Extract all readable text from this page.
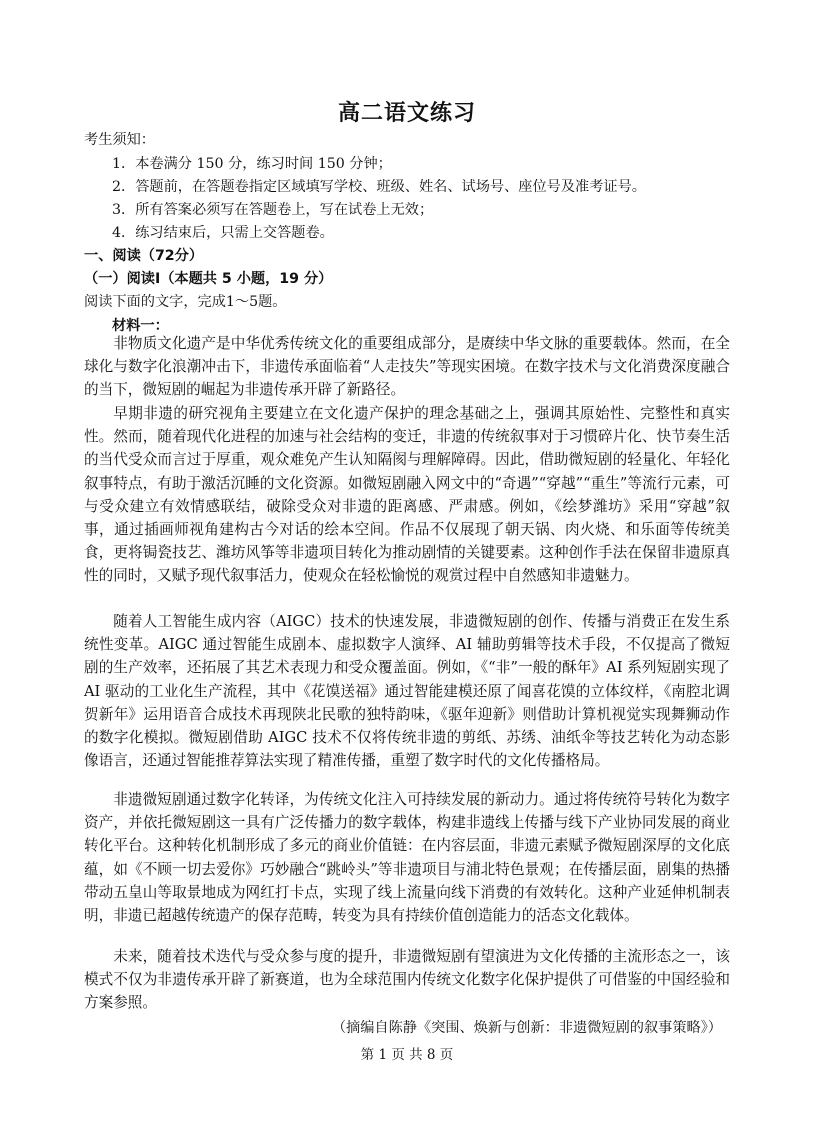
高二语文练习
考生须知：
1．本卷满分 150 分，练习时间 150 分钟；
2．答题前，在答题卷指定区域填写学校、班级、姓名、试场号、座位号及准考证号。
3．所有答案必须写在答题卷上，写在试卷上无效；
4．练习结束后，只需上交答题卷。
一、阅读（72分）
（一）阅读I（本题共 5 小题，19 分）
阅读下面的文字，完成1～5题。
材料一：
非物质文化遗产是中华优秀传统文化的重要组成部分，是赓续中华文脉的重要载体。然而，在全球化与数字化浪潮冲击下，非遗传承面临着“人走技失”等现实困境。在数字技术与文化消费深度融合的当下，微短剧的崛起为非遗传承开辟了新路径。
早期非遗的研究视角主要建立在文化遗产保护的理念基础之上，强调其原始性、完整性和真实性。然而，随着现代化进程的加速与社会结构的变迁，非遗的传统叙事对于习惯碎片化、快节奏生活的当代受众而言过于厚重，观众难免产生认知隔阂与理解障碍。因此，借助微短剧的轻量化、年轻化叙事特点，有助于激活沉睡的文化资源。如微短剧融入网文中的“奇遇”“穿越”“重生”等流行元素，可与受众建立有效情感联结，破除受众对非遗的距离感、严肃感。例如，《绘梦潍坊》采用“穿越”叙事，通过插画师视角建构古今对话的绘本空间。作品不仅展现了朝天锅、肉火烧、和乐面等传统美食，更将锔瓷技艺、潍坊风筝等非遗项目转化为推动剧情的关键要素。这种创作手法在保留非遗原真性的同时，又赋予现代叙事活力，使观众在轻松愉悦的观赏过程中自然感知非遗魅力。
随着人工智能生成内容（AIGC）技术的快速发展，非遗微短剧的创作、传播与消费正在发生系统性变革。AIGC 通过智能生成剧本、虚拟数字人演绎、AI 辅助剪辑等技术手段，不仅提高了微短剧的生产效率，还拓展了其艺术表现力和受众覆盖面。例如，《“非”一般的酥年》AI 系列短剧实现了 AI 驱动的工业化生产流程，其中《花馍送福》通过智能建模还原了闻喜花馍的立体纹样，《南腔北调贺新年》运用语音合成技术再现陕北民歌的独特韵味，《驱年迎新》则借助计算机视觉实现舞狮动作的数字化模拟。微短剧借助 AIGC 技术不仅将传统非遗的剪纸、苏绣、油纸伞等技艺转化为动态影像语言，还通过智能推荐算法实现了精准传播，重塑了数字时代的文化传播格局。
非遗微短剧通过数字化转译，为传统文化注入可持续发展的新动力。通过将传统符号转化为数字资产，并依托微短剧这一具有广泛传播力的数字载体，构建非遗线上传播与线下产业协同发展的商业转化平台。这种转化机制形成了多元的商业价值链：在内容层面，非遗元素赋予微短剧深厚的文化底蕴，如《不顾一切去爱你》巧妙融合“跳岭头”等非遗项目与浦北特色景观；在传播层面，剧集的热播带动五皇山等取景地成为网红打卡点，实现了线上流量向线下消费的有效转化。这种产业延伸机制表明，非遗已超越传统遗产的保存范畴，转变为具有持续价值创造能力的活态文化载体。
未来，随着技术迭代与受众参与度的提升，非遗微短剧有望演进为文化传播的主流形态之一，该模式不仅为非遗传承开辟了新赛道，也为全球范围内传统文化数字化保护提供了可借鉴的中国经验和方案参照。
（摘编自陈静《突围、焕新与创新：非遗微短剧的叙事策略》）
第 1 页 共 8 页
